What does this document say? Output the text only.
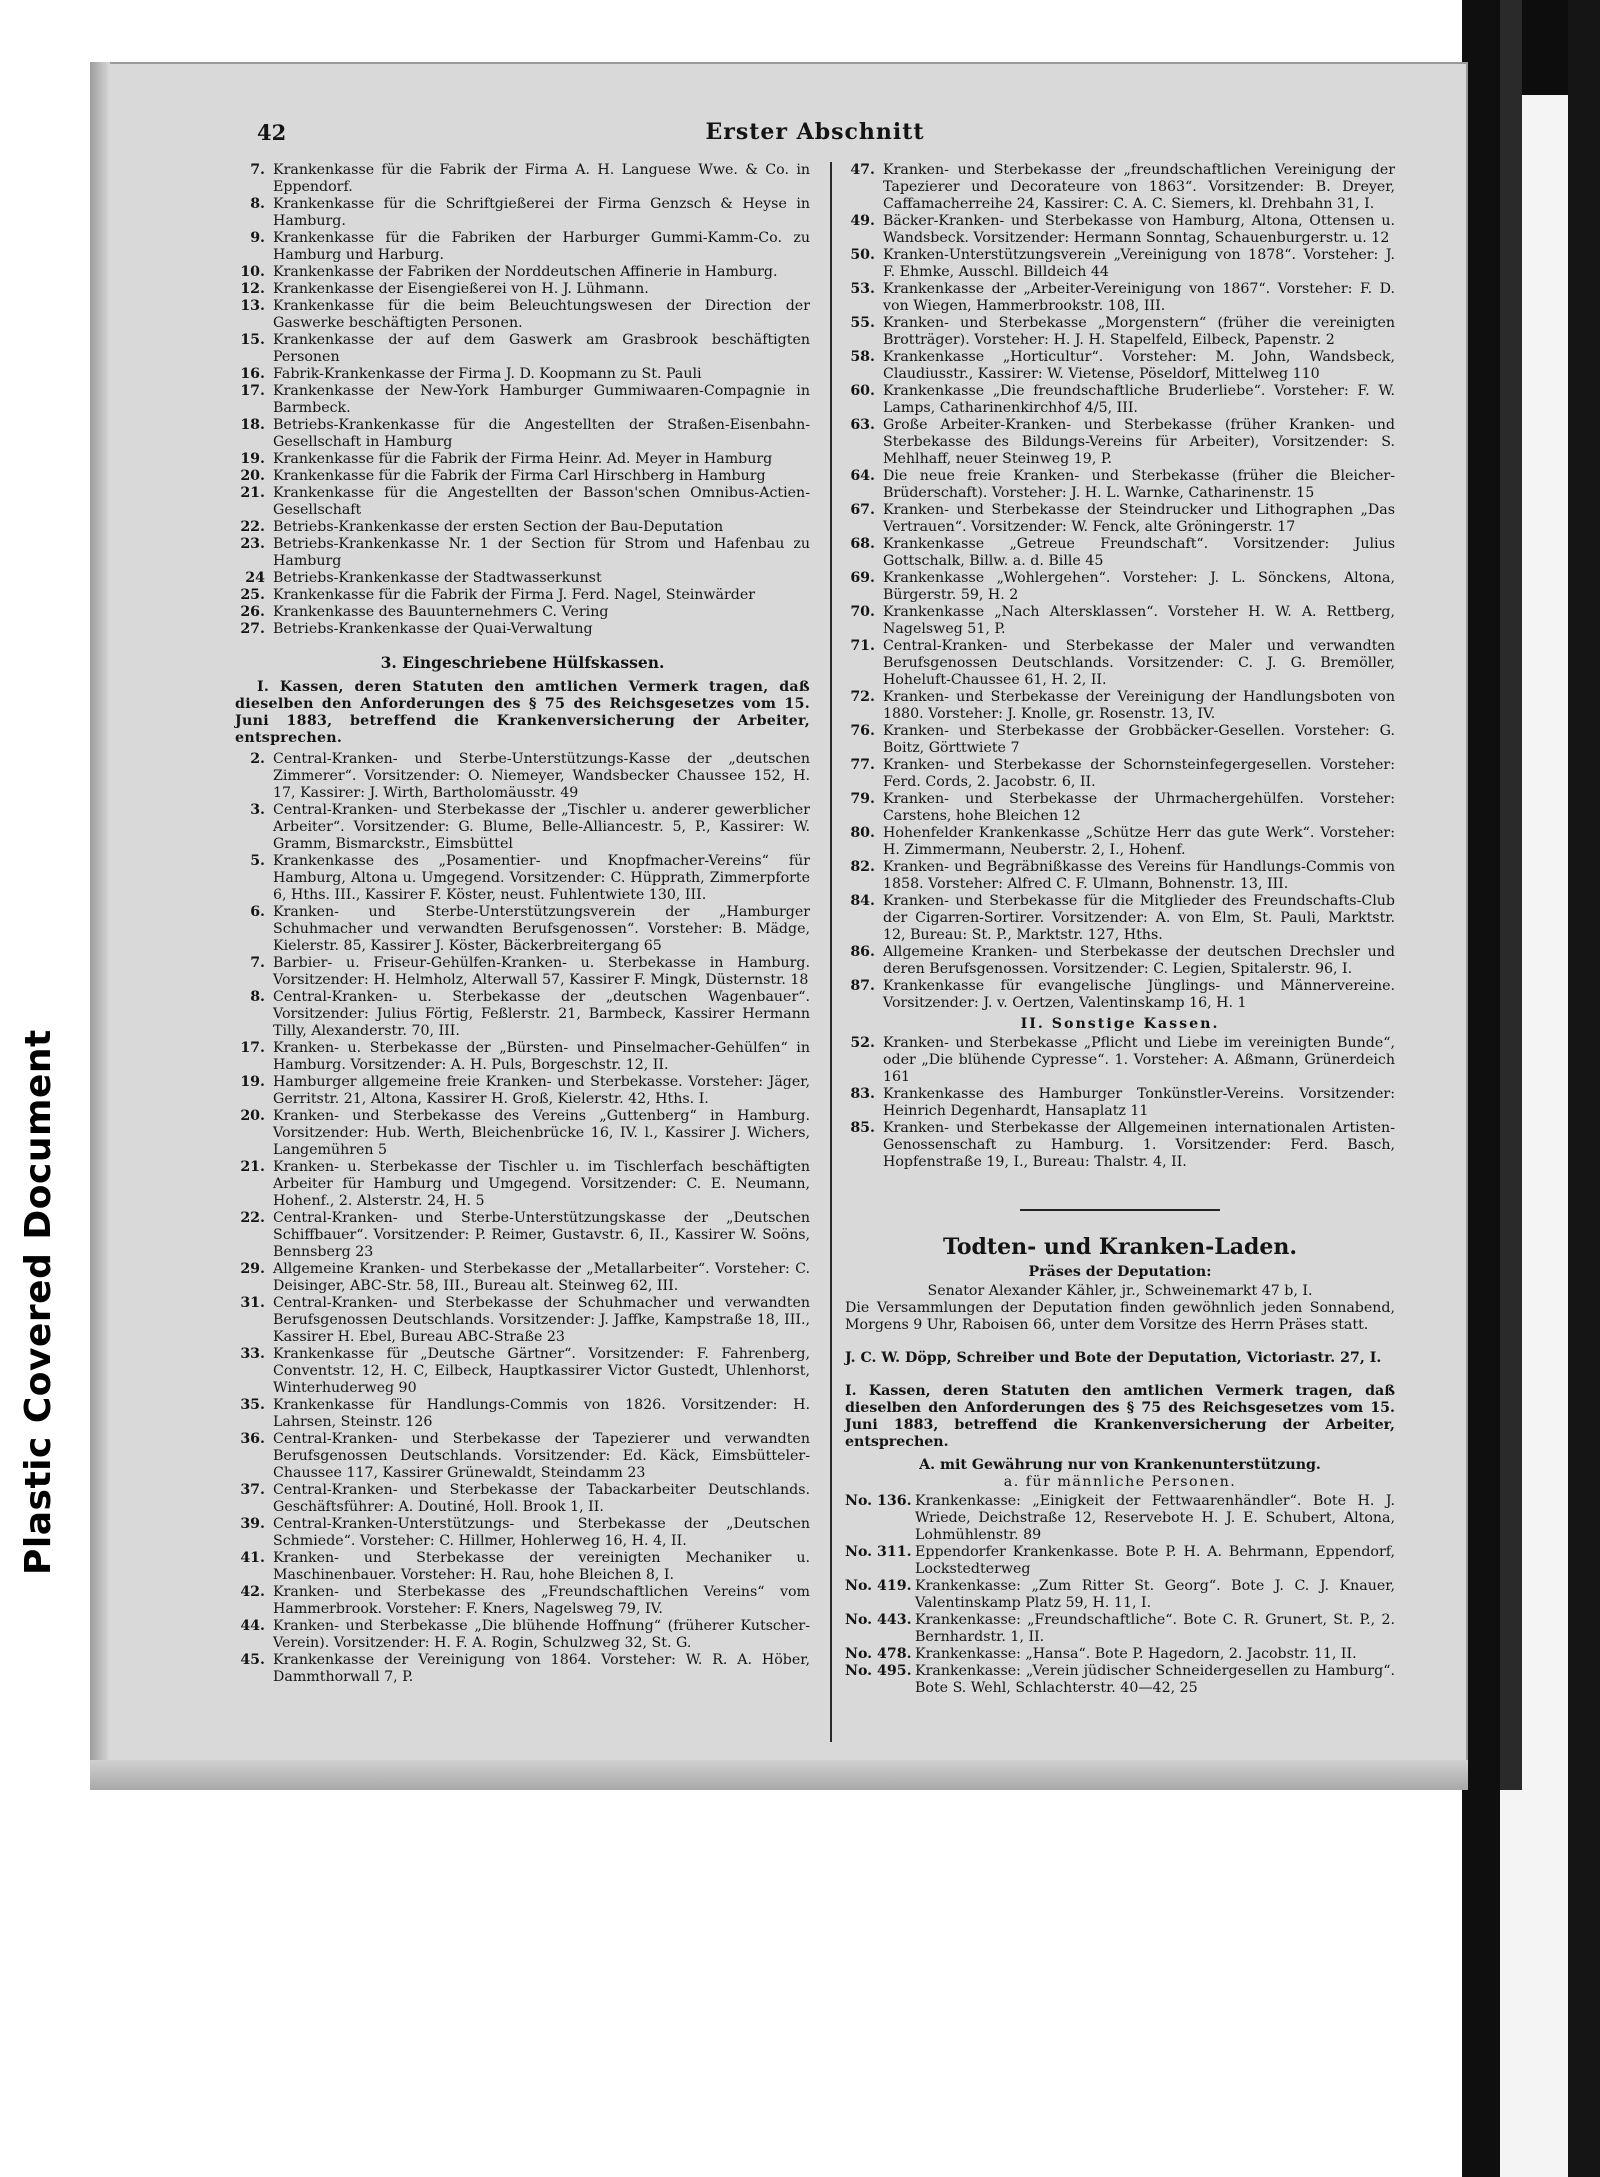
Plastic Covered Document
42	Erster Abschnitt
7. Krankenkasse für die Fabrik der Firma A. H. Languese Wwe. & Co. in Eppendorf.
8. Krankenkasse für die Schriftgießerei der Firma Genzsch & Heyse in Hamburg.
9. Krankenkasse für die Fabriken der Harburger Gummi-Kamm-Co. zu Hamburg und Harburg.
10. Krankenkasse der Fabriken der Norddeutschen Affinerie in Hamburg.
12. Krankenkasse der Eisengießerei von H. J. Lühmann.
13. Krankenkasse für die beim Beleuchtungswesen der Direction der Gaswerke beschäftigten Personen.
15. Krankenkasse der auf dem Gaswerk am Grasbrook beschäftigten Personen
16. Fabrik-Krankenkasse der Firma J. D. Koopmann zu St. Pauli
17. Krankenkasse der New-York Hamburger Gummiwaaren-Compagnie in Barmbeck.
18. Betriebs-Krankenkasse für die Angestellten der Straßen-Eisenbahn-Gesellschaft in Hamburg
19. Krankenkasse für die Fabrik der Firma Heinr. Ad. Meyer in Hamburg
20. Krankenkasse für die Fabrik der Firma Carl Hirschberg in Hamburg
21. Krankenkasse für die Angestellten der Basson'schen Omnibus-Actien-Gesellschaft
22. Betriebs-Krankenkasse der ersten Section der Bau-Deputation
23. Betriebs-Krankenkasse Nr. 1 der Section für Strom und Hafenbau zu Hamburg
24 Betriebs-Krankenkasse der Stadtwasserkunst
25. Krankenkasse für die Fabrik der Firma J. Ferd. Nagel, Steinwärder
26. Krankenkasse des Bauunternehmers C. Vering
27. Betriebs-Krankenkasse der Quai-Verwaltung
3. Eingeschriebene Hülfskassen.
I. Kassen, deren Statuten den amtlichen Vermerk tragen, daß dieselben den Anforderungen des § 75 des Reichsgesetzes vom 15. Juni 1883, betreffend die Krankenversicherung der Arbeiter, entsprechen.
2. Central-Kranken- und Sterbe-Unterstützungs-Kasse der „deutschen Zimmerer“. Vorsitzender: O. Niemeyer, Wandsbecker Chaussee 152, H. 17, Kassirer: J. Wirth, Bartholomäusstr. 49
3. Central-Kranken- und Sterbekasse der „Tischler u. anderer gewerblicher Arbeiter“. Vorsitzender: G. Blume, Belle-Alliancestr. 5, P., Kassirer: W. Gramm, Bismarckstr., Eimsbüttel
5. Krankenkasse des „Posamentier- und Knopfmacher-Vereins“ für Hamburg, Altona u. Umgegend. Vorsitzender: C. Hüpprath, Zimmerpforte 6, Hths. III., Kassirer F. Köster, neust. Fuhlentwiete 130, III.
6. Kranken- und Sterbe-Unterstützungsverein der „Hamburger Schuhmacher und verwandten Berufsgenossen“. Vorsteher: B. Mädge, Kielerstr. 85, Kassirer J. Köster, Bäckerbreitergang 65
7. Barbier- u. Friseur-Gehülfen-Kranken- u. Sterbekasse in Hamburg. Vorsitzender: H. Helmholz, Alterwall 57, Kassirer F. Mingk, Düsternstr. 18
8. Central-Kranken- u. Sterbekasse der „deutschen Wagenbauer“. Vorsitzender: Julius Förtig, Feßlerstr. 21, Barmbeck, Kassirer Hermann Tilly, Alexanderstr. 70, III.
17. Kranken- u. Sterbekasse der „Bürsten- und Pinselmacher-Gehülfen“ in Hamburg. Vorsitzender: A. H. Puls, Borgeschstr. 12, II.
19. Hamburger allgemeine freie Kranken- und Sterbekasse. Vorsteher: Jäger, Gerritstr. 21, Altona, Kassirer H. Groß, Kielerstr. 42, Hths. I.
20. Kranken- und Sterbekasse des Vereins „Guttenberg“ in Hamburg. Vorsitzender: Hub. Werth, Bleichenbrücke 16, IV. l., Kassirer J. Wichers, Langemühren 5
21. Kranken- u. Sterbekasse der Tischler u. im Tischlerfach beschäftigten Arbeiter für Hamburg und Umgegend. Vorsitzender: C. E. Neumann, Hohenf., 2. Alsterstr. 24, H. 5
22. Central-Kranken- und Sterbe-Unterstützungskasse der „Deutschen Schiffbauer“. Vorsitzender: P. Reimer, Gustavstr. 6, II., Kassirer W. Soöns, Bennsberg 23
29. Allgemeine Kranken- und Sterbekasse der „Metallarbeiter“. Vorsteher: C. Deisinger, ABC-Str. 58, III., Bureau alt. Steinweg 62, III.
31. Central-Kranken- und Sterbekasse der Schuhmacher und verwandten Berufsgenossen Deutschlands. Vorsitzender: J. Jaffke, Kampstraße 18, III., Kassirer H. Ebel, Bureau ABC-Straße 23
33. Krankenkasse für „Deutsche Gärtner“. Vorsitzender: F. Fahrenberg, Conventstr. 12, H. C, Eilbeck, Hauptkassirer Victor Gustedt, Uhlenhorst, Winterhuderweg 90
35. Krankenkasse für Handlungs-Commis von 1826. Vorsitzender: H. Lahrsen, Steinstr. 126
36. Central-Kranken- und Sterbekasse der Tapezierer und verwandten Berufsgenossen Deutschlands. Vorsitzender: Ed. Käck, Eimsbütteler-Chaussee 117, Kassirer Grünewaldt, Steindamm 23
37. Central-Kranken- und Sterbekasse der Tabackarbeiter Deutschlands. Geschäftsführer: A. Doutiné, Holl. Brook 1, II.
39. Central-Kranken-Unterstützungs- und Sterbekasse der „Deutschen Schmiede“. Vorsteher: C. Hillmer, Hohlerweg 16, H. 4, II.
41. Kranken- und Sterbekasse der vereinigten Mechaniker u. Maschinenbauer. Vorsteher: H. Rau, hohe Bleichen 8, I.
42. Kranken- und Sterbekasse des „Freundschaftlichen Vereins“ vom Hammerbrook. Vorsteher: F. Kners, Nagelsweg 79, IV.
44. Kranken- und Sterbekasse „Die blühende Hoffnung“ (früherer Kutscher-Verein). Vorsitzender: H. F. A. Rogin, Schulzweg 32, St. G.
45. Krankenkasse der Vereinigung von 1864. Vorsteher: W. R. A. Höber, Dammthorwall 7, P.
47. Kranken- und Sterbekasse der „freundschaftlichen Vereinigung der Tapezierer und Decorateure von 1863“. Vorsitzender: B. Dreyer, Caffamacherreihe 24, Kassirer: C. A. C. Siemers, kl. Drehbahn 31, I.
49. Bäcker-Kranken- und Sterbekasse von Hamburg, Altona, Ottensen u. Wandsbeck. Vorsitzender: Hermann Sonntag, Schauenburgerstr. u. 12
50. Kranken-Unterstützungsverein „Vereinigung von 1878“. Vorsteher: J. F. Ehmke, Ausschl. Billdeich 44
53. Krankenkasse der „Arbeiter-Vereinigung von 1867“. Vorsteher: F. D. von Wiegen, Hammerbrookstr. 108, III.
55. Kranken- und Sterbekasse „Morgenstern“ (früher die vereinigten Brotträger). Vorsteher: H. J. H. Stapelfeld, Eilbeck, Papenstr. 2
58. Krankenkasse „Horticultur“. Vorsteher: M. John, Wandsbeck, Claudiusstr., Kassirer: W. Vietense, Pöseldorf, Mittelweg 110
60. Krankenkasse „Die freundschaftliche Bruderliebe“. Vorsteher: F. W. Lamps, Catharinenkirchhof 4/5, III.
63. Große Arbeiter-Kranken- und Sterbekasse (früher Kranken- und Sterbekasse des Bildungs-Vereins für Arbeiter), Vorsitzender: S. Mehlhaff, neuer Steinweg 19, P.
64. Die neue freie Kranken- und Sterbekasse (früher die Bleicher-Brüderschaft). Vorsteher: J. H. L. Warnke, Catharinenstr. 15
67. Kranken- und Sterbekasse der Steindrucker und Lithographen „Das Vertrauen“. Vorsitzender: W. Fenck, alte Gröningerstr. 17
68. Krankenkasse „Getreue Freundschaft“. Vorsitzender: Julius Gottschalk, Billw. a. d. Bille 45
69. Krankenkasse „Wohlergehen“. Vorsteher: J. L. Sönckens, Altona, Bürgerstr. 59, H. 2
70. Krankenkasse „Nach Altersklassen“. Vorsteher H. W. A. Rettberg, Nagelsweg 51, P.
71. Central-Kranken- und Sterbekasse der Maler und verwandten Berufsgenossen Deutschlands. Vorsitzender: C. J. G. Bremöller, Hoheluft-Chaussee 61, H. 2, II.
72. Kranken- und Sterbekasse der Vereinigung der Handlungsboten von 1880. Vorsteher: J. Knolle, gr. Rosenstr. 13, IV.
76. Kranken- und Sterbekasse der Grobbäcker-Gesellen. Vorsteher: G. Boitz, Görttwiete 7
77. Kranken- und Sterbekasse der Schornsteinfegergesellen. Vorsteher: Ferd. Cords, 2. Jacobstr. 6, II.
79. Kranken- und Sterbekasse der Uhrmachergehülfen. Vorsteher: Carstens, hohe Bleichen 12
80. Hohenfelder Krankenkasse „Schütze Herr das gute Werk“. Vorsteher: H. Zimmermann, Neuberstr. 2, I., Hohenf.
82. Kranken- und Begräbnißkasse des Vereins für Handlungs-Commis von 1858. Vorsteher: Alfred C. F. Ulmann, Bohnenstr. 13, III.
84. Kranken- und Sterbekasse für die Mitglieder des Freundschafts-Club der Cigarren-Sortirer. Vorsitzender: A. von Elm, St. Pauli, Marktstr. 12, Bureau: St. P., Marktstr. 127, Hths.
86. Allgemeine Kranken- und Sterbekasse der deutschen Drechsler und deren Berufsgenossen. Vorsitzender: C. Legien, Spitalerstr. 96, I.
87. Krankenkasse für evangelische Jünglings- und Männervereine. Vorsitzender: J. v. Oertzen, Valentinskamp 16, H. 1
II. Sonstige Kassen.
52. Kranken- und Sterbekasse „Pflicht und Liebe im vereinigten Bunde“, oder „Die blühende Cypresse“. 1. Vorsteher: A. Aßmann, Grünerdeich 161
83. Krankenkasse des Hamburger Tonkünstler-Vereins. Vorsitzender: Heinrich Degenhardt, Hansaplatz 11
85. Kranken- und Sterbekasse der Allgemeinen internationalen Artisten-Genossenschaft zu Hamburg. 1. Vorsitzender: Ferd. Basch, Hopfenstraße 19, I., Bureau: Thalstr. 4, II.
Todten- und Kranken-Laden.
Präses der Deputation:
Senator Alexander Kähler, jr., Schweinemarkt 47 b, I.
Die Versammlungen der Deputation finden gewöhnlich jeden Sonnabend, Morgens 9 Uhr, Raboisen 66, unter dem Vorsitze des Herrn Präses statt.
J. C. W. Döpp, Schreiber und Bote der Deputation, Victoriastr. 27, I.
I. Kassen, deren Statuten den amtlichen Vermerk tragen, daß dieselben den Anforderungen des § 75 des Reichsgesetzes vom 15. Juni 1883, betreffend die Krankenversicherung der Arbeiter, entsprechen.
A. mit Gewährung nur von Krankenunterstützung.
a. für männliche Personen.
No. 136. Krankenkasse: „Einigkeit der Fettwaarenhändler“. Bote H. J. Wriede, Deichstraße 12, Reservebote H. J. E. Schubert, Altona, Lohmühlenstr. 89
No. 311. Eppendorfer Krankenkasse. Bote P. H. A. Behrmann, Eppendorf, Lockstedterweg
No. 419. Krankenkasse: „Zum Ritter St. Georg“. Bote J. C. J. Knauer, Valentinskamp Platz 59, H. 11, I.
No. 443. Krankenkasse: „Freundschaftliche“. Bote C. R. Grunert, St. P., 2. Bernhardstr. 1, II.
No. 478. Krankenkasse: „Hansa“. Bote P. Hagedorn, 2. Jacobstr. 11, II.
No. 495. Krankenkasse: „Verein jüdischer Schneidergesellen zu Hamburg“. Bote S. Wehl, Schlachterstr. 40—42, 25
